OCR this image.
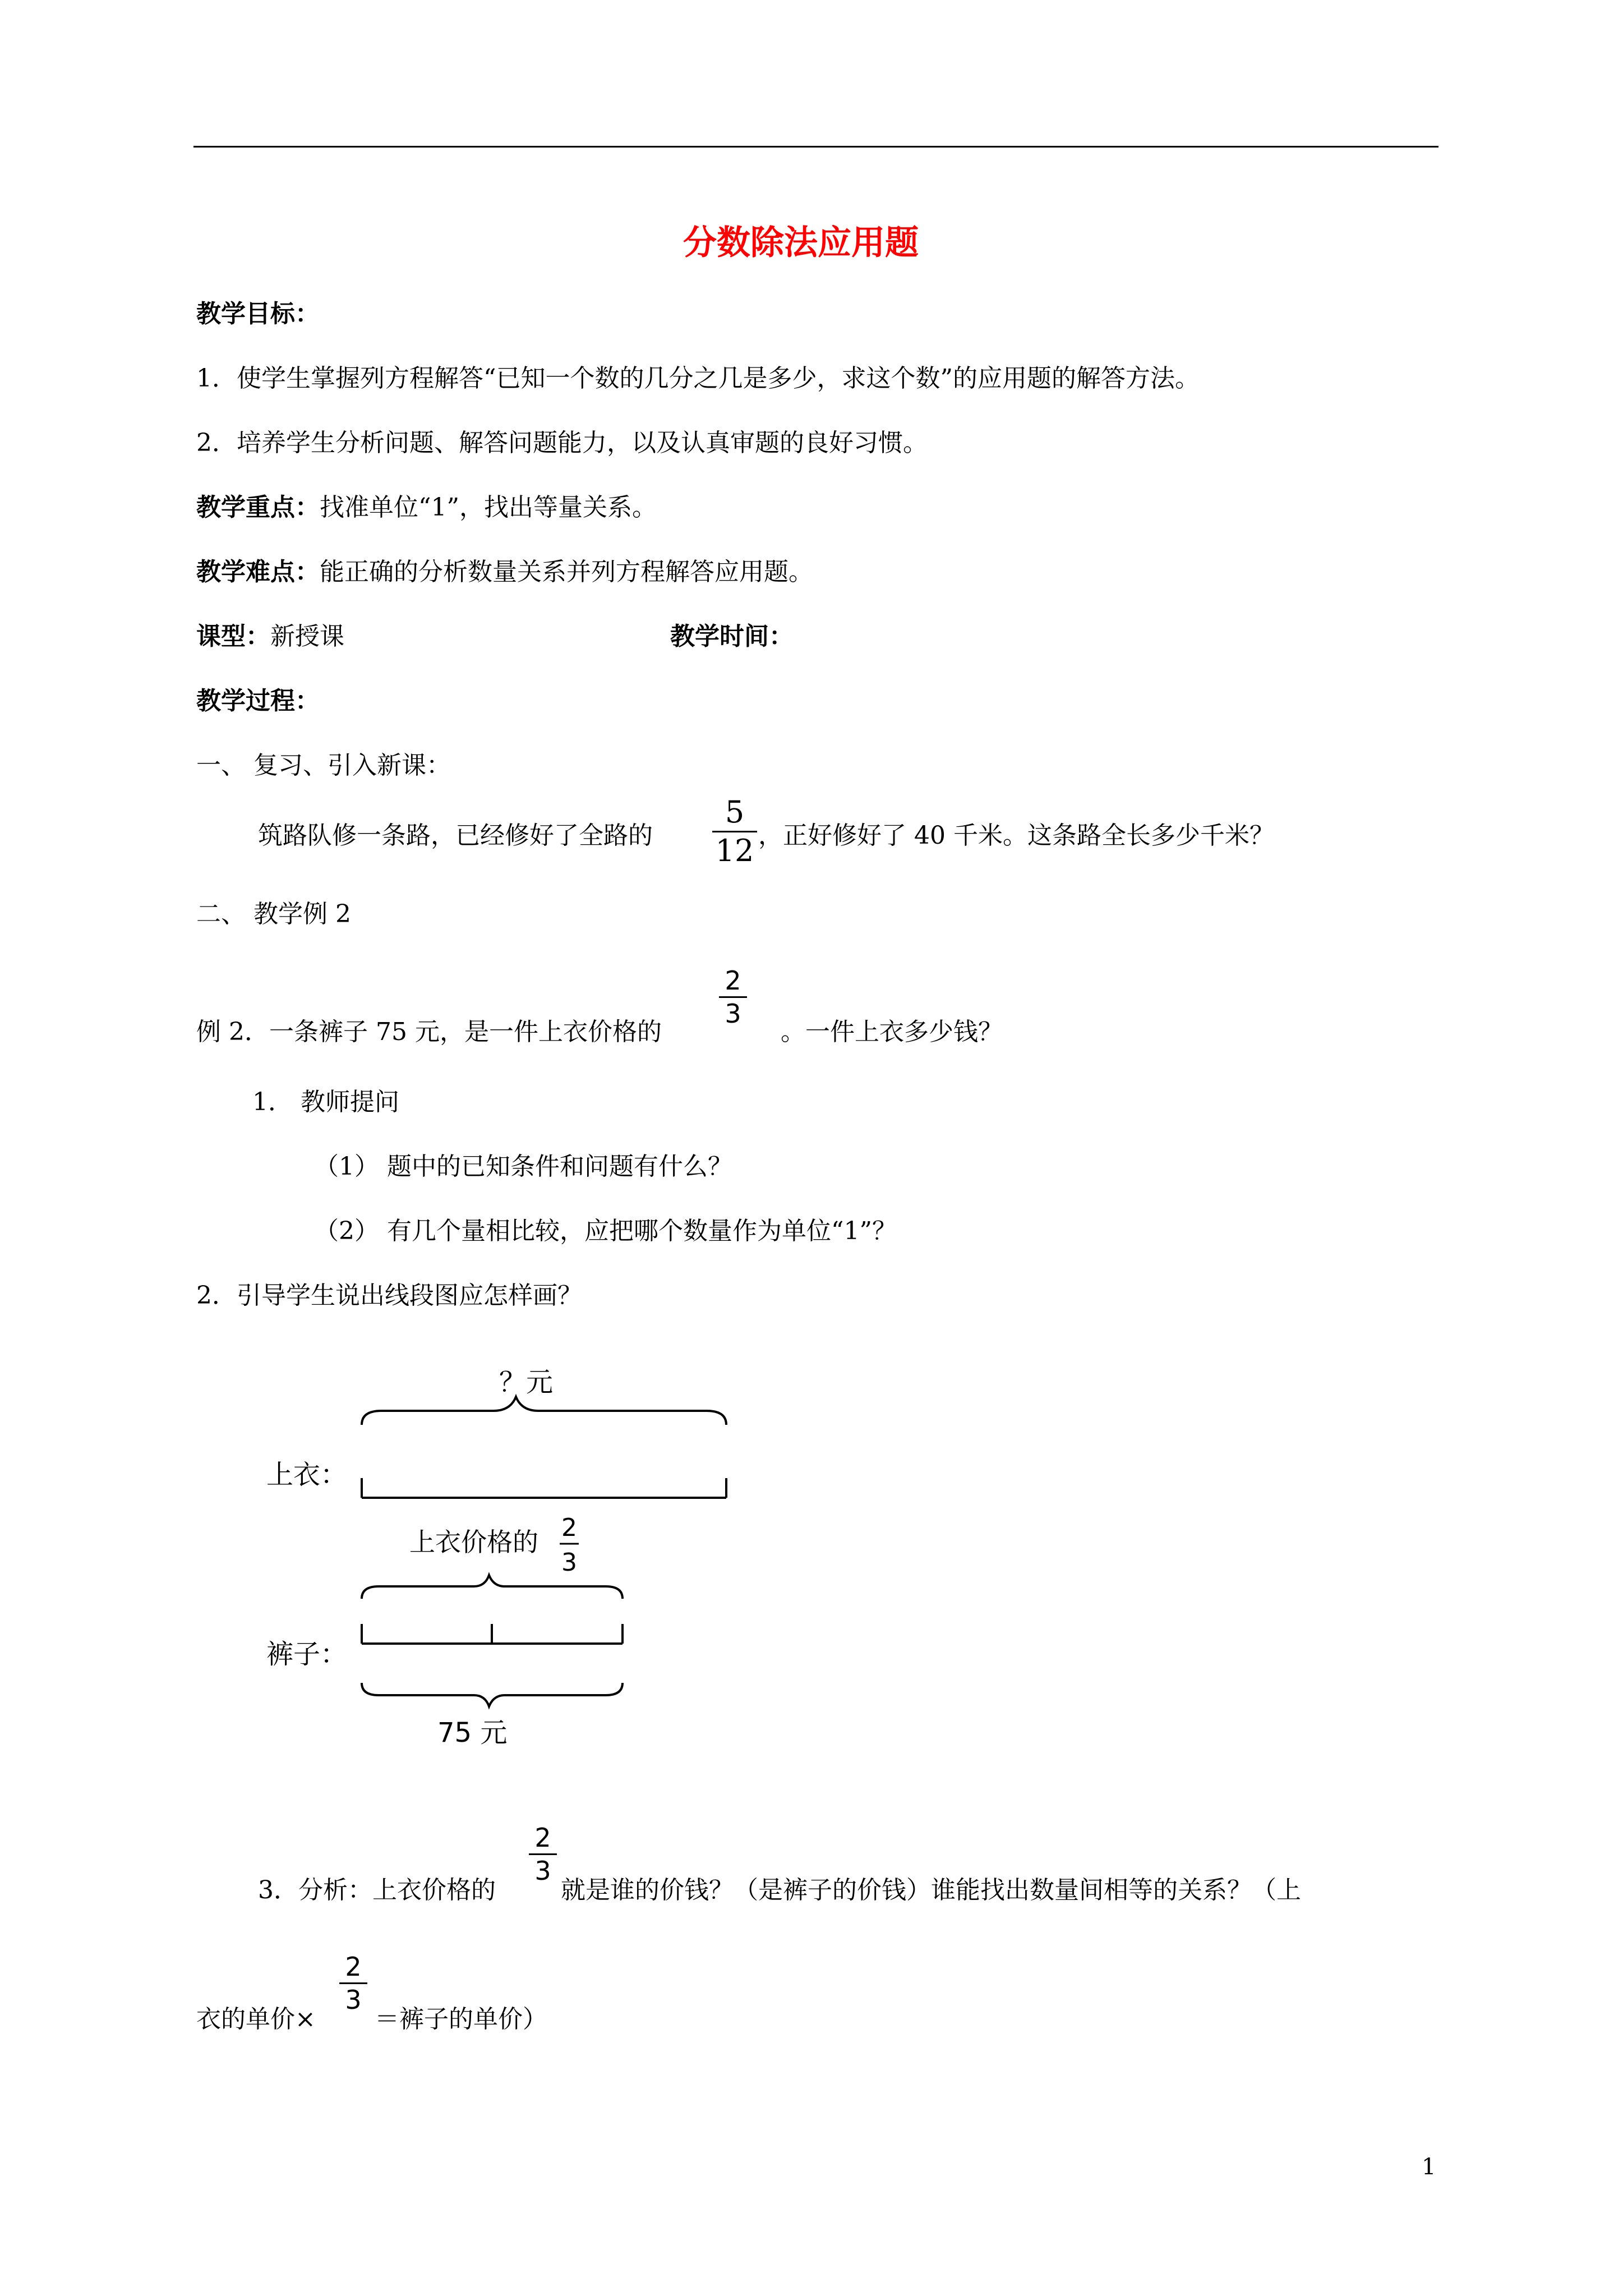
分数除法应用题
教学目标：
1．使学生掌握列方程解答“已知一个数的几分之几是多少，求这个数”的应用题的解答方法。
2．培养学生分析问题、解答问题能力，以及认真审题的良好习惯。
教学重点：找准单位“1”，找出等量关系。
教学难点：能正确的分析数量关系并列方程解答应用题。
课型：新授课	教学时间：
教学过程：
一、 复习、引入新课：
筑路队修一条路，已经修好了全路的
5
12 ，正好修好了 40 千米。这条路全长多少千米？
二、 教学例 2
例 2．一条裤子 75 元，是一件上衣价格的
2
3
。一件上衣多少钱？
1． 教师提问
（1） 题中的已知条件和问题有什么？
（2） 有几个量相比较，应把哪个数量作为单位“1”？
2．引导学生说出线段图应怎样画？
？元
上衣：
上衣价格的 2
3
裤子：
75 元
3．分析：上衣价格的
2
3
就是谁的价钱？（是裤子的价钱）谁能找出数量间相等的关系？（上
衣的单价×
2
3
＝裤子的单价）
1
